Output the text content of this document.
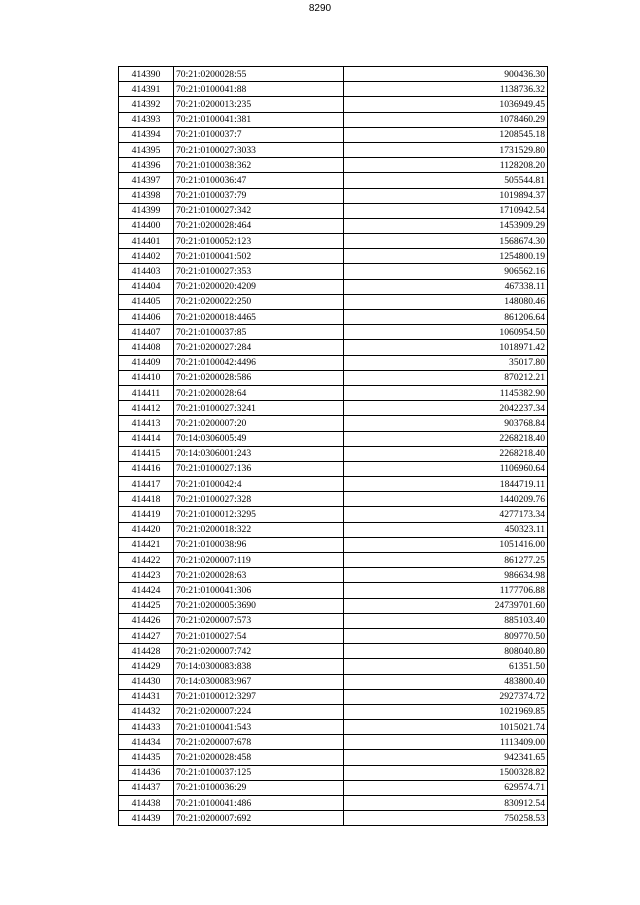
8290
414390	70:21:0200028:55	900436.30
414391	70:21:0100041:88	1138736.32
414392	70:21:0200013:235	1036949.45
414393	70:21:0100041:381	1078460.29
414394	70:21:0100037:7	1208545.18
414395	70:21:0100027:3033	1731529.80
414396	70:21:0100038:362	1128208.20
414397	70:21:0100036:47	505544.81
414398	70:21:0100037:79	1019894.37
414399	70:21:0100027:342	1710942.54
414400	70:21:0200028:464	1453909.29
414401	70:21:0100052:123	1568674.30
414402	70:21:0100041:502	1254800.19
414403	70:21:0100027:353	906562.16
414404	70:21:0200020:4209	467338.11
414405	70:21:0200022:250	148080.46
414406	70:21:0200018:4465	861206.64
414407	70:21:0100037:85	1060954.50
414408	70:21:0200027:284	1018971.42
414409	70:21:0100042:4496	35017.80
414410	70:21:0200028:586	870212.21
414411	70:21:0200028:64	1145382.90
414412	70:21:0100027:3241	2042237.34
414413	70:21:0200007:20	903768.84
414414	70:14:0306005:49	2268218.40
414415	70:14:0306001:243	2268218.40
414416	70:21:0100027:136	1106960.64
414417	70:21:0100042:4	1844719.11
414418	70:21:0100027:328	1440209.76
414419	70:21:0100012:3295	4277173.34
414420	70:21:0200018:322	450323.11
414421	70:21:0100038:96	1051416.00
414422	70:21:0200007:119	861277.25
414423	70:21:0200028:63	986634.98
414424	70:21:0100041:306	1177706.88
414425	70:21:0200005:3690	24739701.60
414426	70:21:0200007:573	885103.40
414427	70:21:0100027:54	809770.50
414428	70:21:0200007:742	808040.80
414429	70:14:0300083:838	61351.50
414430	70:14:0300083:967	483800.40
414431	70:21:0100012:3297	2927374.72
414432	70:21:0200007:224	1021969.85
414433	70:21:0100041:543	1015021.74
414434	70:21:0200007:678	1113409.00
414435	70:21:0200028:458	942341.65
414436	70:21:0100037:125	1500328.82
414437	70:21:0100036:29	629574.71
414438	70:21:0100041:486	830912.54
414439	70:21:0200007:692	750258.53
